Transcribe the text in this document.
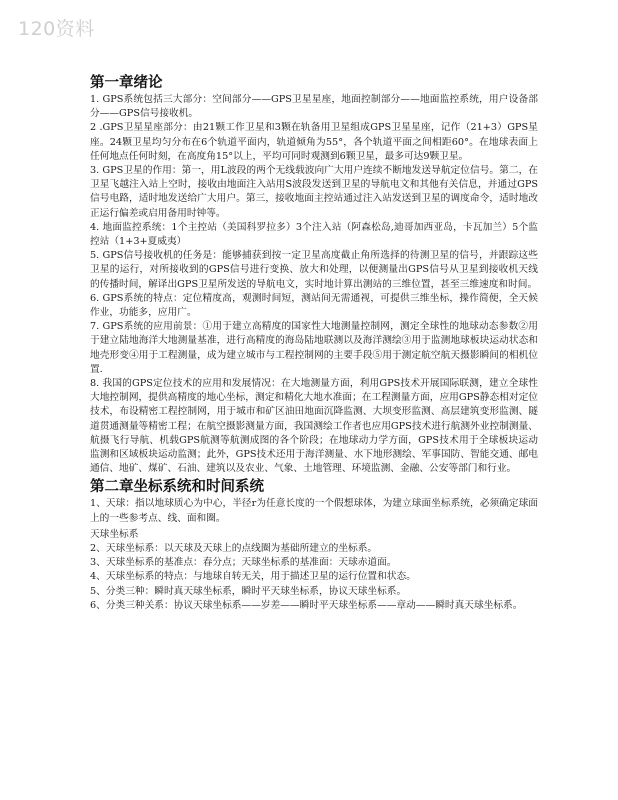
120资料
第一章绪论

1. GPS系统包括三大部分：空间部分——GPS卫星星座，地面控制部分——地面监控系统，用户设备部分——GPS信号接收机。

2 .GPS卫星星座部分：由21颗工作卫星和3颗在轨备用卫星组成GPS卫星星座，记作（21+3）GPS星座。24颗卫星均匀分布在6个轨道平面内，轨道倾角为55°，各个轨道平面之间相距60°。在地球表面上任何地点任何时刻，在高度角15°以上，平均可同时观测到6颗卫星，最多可达9颗卫星。

3. GPS卫星的作用：第一，用L波段的两个无线载波向广大用户连续不断地发送导航定位信号。第二，在卫星飞越注入站上空时，接收由地面注入站用S波段发送到卫星的导航电文和其他有关信息，并通过GPS信号电路，适时地发送给广大用户。第三，接收地面主控站通过注入站发送到卫星的调度命令，适时地改正运行偏差或启用备用时钟等。

4. 地面监控系统：1个主控站（美国科罗拉多）3个注入站（阿森松岛,迪哥加西亚岛，卡瓦加兰）5个监控站（1+3+夏威夷）

5. GPS信号接收机的任务是：能够捕获到按一定卫星高度截止角所选择的待测卫星的信号，并跟踪这些卫星的运行，对所接收到的GPS信号进行变换、放大和处理，以便测量出GPS信号从卫星到接收机天线的传播时间，解译出GPS卫星所发送的导航电文，实时地计算出测站的三维位置，甚至三维速度和时间。

6. GPS系统的特点：定位精度高，观测时间短，测站间无需通视，可提供三维坐标，操作简便，全天候作业，功能多，应用广。

7. GPS系统的应用前景：①用于建立高精度的国家性大地测量控制网，测定全球性的地球动态参数②用于建立陆地海洋大地测量基准，进行高精度的海岛陆地联测以及海洋测绘③用于监测地球板块运动状态和地壳形变④用于工程测量，成为建立城市与工程控制网的主要手段⑤用于测定航空航天摄影瞬间的相机位置.

8. 我国的GPS定位技术的应用和发展情况：在大地测量方面，利用GPS技术开展国际联测，建立全球性大地控制网，提供高精度的地心坐标，测定和精化大地水准面；在工程测量方面，应用GPS静态相对定位技术，布设精密工程控制网，用于城市和矿区油田地面沉降监测、大坝变形监测、高层建筑变形监测、隧道贯通测量等精密工程；在航空摄影测量方面，我国测绘工作者也应用GPS技术进行航测外业控制测量、航摄飞行导航、机载GPS航测等航测成图的各个阶段；在地球动力学方面，GPS技术用于全球板块运动监测和区域板块运动监测；此外，GPS技术还用于海洋测量、水下地形测绘、军事国防、智能交通、邮电通信、地矿、煤矿、石油、建筑以及农业、气象、土地管理、环境监测、金融、公安等部门和行业。

第二章坐标系统和时间系统

1、天球：指以地球质心为中心，半径r为任意长度的一个假想球体，为建立球面坐标系统，必须确定球面上的一些参考点、线、面和圈。

天球坐标系

2、天球坐标系：以天球及天球上的点线圈为基础所建立的坐标系。

3、天球坐标系的基准点：春分点；天球坐标系的基准面：天球赤道面。

4、天球坐标系的特点：与地球自转无关，用于描述卫星的运行位置和状态。

5、分类三种：瞬时真天球坐标系，瞬时平天球坐标系，协议天球坐标系。

6、分类三种关系：协议天球坐标系——岁差——瞬时平天球坐标系——章动——瞬时真天球坐标系。
